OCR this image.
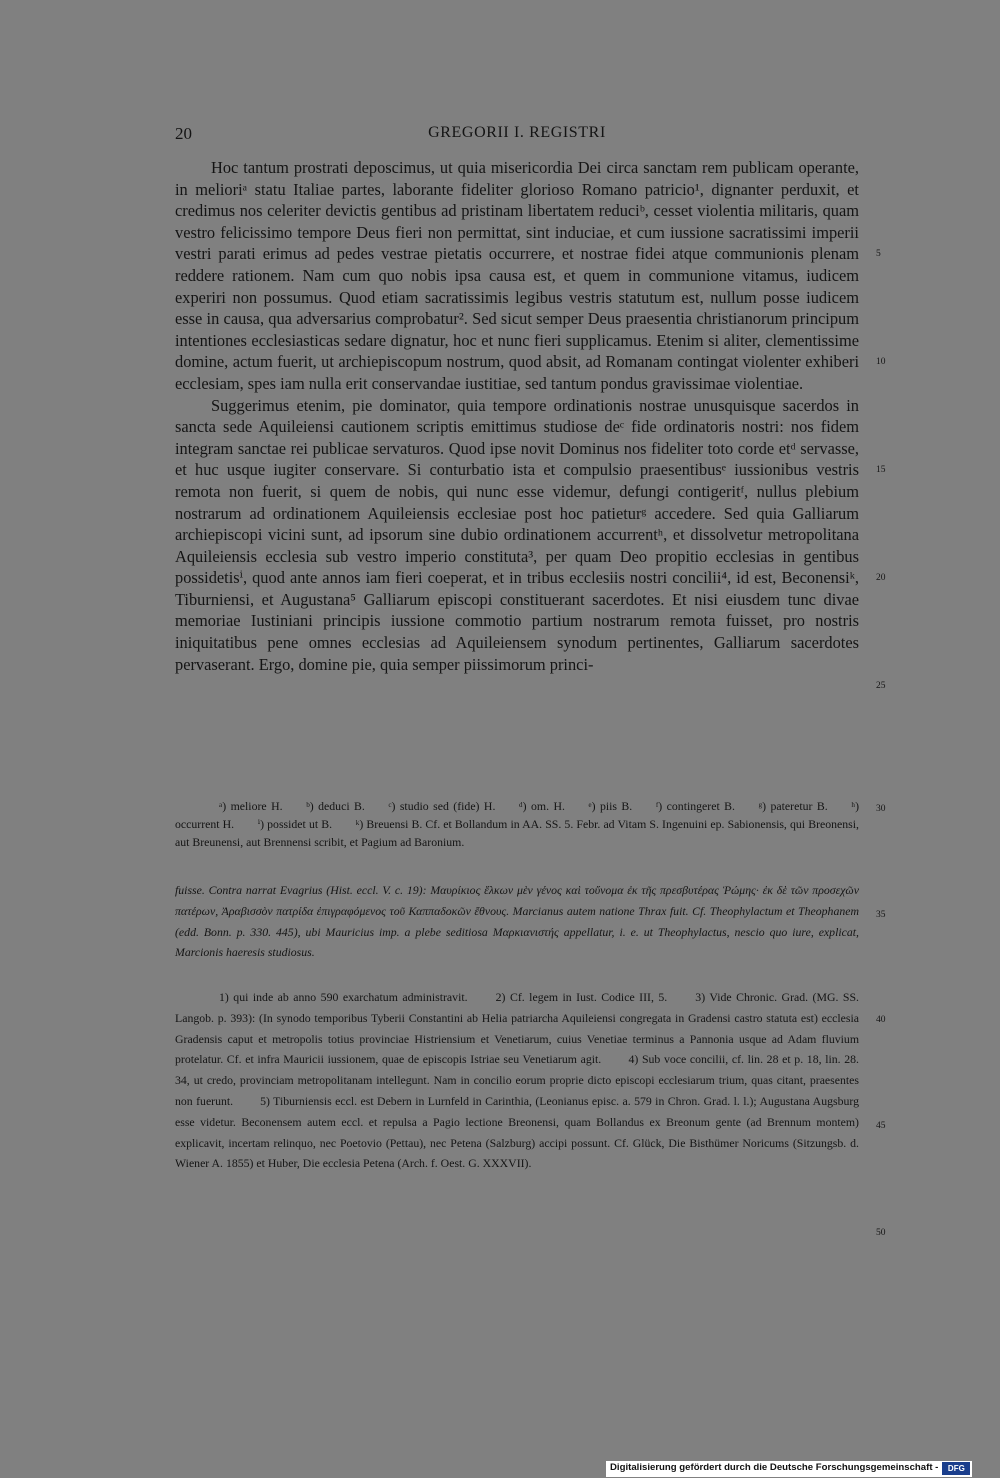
20	GREGORII I. REGISTRI

Hoc tantum prostrati deposcimus, ut quia misericordia Dei circa sanctam rem publicam operante, in melioriᵃ statu Italiae partes, laborante fideliter glorioso Romano patricio¹, dignanter perduxit, et credimus nos celeriter devictis gentibus ad pristinam libertatem reduciᵇ, cesset violentia militaris, quam vestro felicissimo tempore Deus fieri non permittat, sint induciae, et cum iussione sacratissimi imperii vestri parati erimus ad pedes vestrae pietatis occurrere, et nostrae fidei atque communionis plenam reddere rationem. Nam cum quo nobis ipsa causa est, et quem in communione vitamus, iudicem experiri non possumus. Quod etiam sacratissimis legibus vestris statutum est, nullum posse iudicem esse in causa, qua adversarius comprobatur². Sed sicut semper Deus praesentia christianorum principum intentiones ecclesiasticas sedare dignatur, hoc et nunc fieri supplicamus. Etenim si aliter, clementissime domine, actum fuerit, ut archiepiscopum nostrum, quod absit, ad Romanam contingat violenter exhiberi ecclesiam, spes iam nulla erit conservandae iustitiae, sed tantum pondus gravissimae violentiae.

Suggerimus etenim, pie dominator, quia tempore ordinationis nostrae unusquisque sacerdos in sancta sede Aquileiensi cautionem scriptis emittimus studiose deᶜ fide ordinatoris nostri: nos fidem integram sanctae rei publicae servaturos. Quod ipse novit Dominus nos fideliter toto corde etᵈ servasse, et huc usque iugiter conservare. Si conturbatio ista et compulsio praesentibusᵉ iussionibus vestris remota non fuerit, si quem de nobis, qui nunc esse videmur, defungi contigeritᶠ, nullus plebium nostrarum ad ordinationem Aquileiensis ecclesiae post hoc patieturᵍ accedere. Sed quia Galliarum archiepiscopi vicini sunt, ad ipsorum sine dubio ordinationem accurrentʰ, et dissolvetur metropolitana Aquileiensis ecclesia sub vestro imperio constituta³, per quam Deo propitio ecclesias in gentibus possidetisⁱ, quod ante annos iam fieri coeperat, et in tribus ecclesiis nostri concilii⁴, id est, Beconensiᵏ, Tiburniensi, et Augustana⁵ Galliarum episcopi constituerant sacerdotes. Et nisi eiusdem tunc divae memoriae Iustiniani principis iussione commotio partium nostrarum remota fuisset, pro nostris iniquitatibus pene omnes ecclesias ad Aquileiensem synodum pertinentes, Galliarum sacerdotes pervaserant. Ergo, domine pie, quia semper piissimorum princi-

5
10
15
20
25

ᵃ) meliore H.  ᵇ) deduci B.  ᶜ) studio sed (fide) H.  ᵈ) om. H.  ᵉ) piis B.  ᶠ) contingeret B.  ᵍ) pateretur B.  ʰ) occurrent H.  ⁱ) possidet ut B.  ᵏ) Breuensi B. Cf. et Bollandum in AA. SS. 5. Febr. ad Vitam S. Ingenuini ep. Sabionensis, qui Breonensi, aut Breunensi, aut Brennensi scribit, et Pagium ad Baronium.

fuisse. Contra narrat Evagrius (Hist. eccl. V. c. 19): Μαυρίκιος ἕλκων μὲν γένος καὶ τοὔνομα ἐκ τῆς πρεσβυτέρας Ῥώμης· ἐκ δὲ τῶν προσεχῶν πατέρων, Ἀραβισσὸν πατρίδα ἐπιγραφόμενος τοῦ Καππαδοκῶν ἔθνους. Marcianus autem natione Thrax fuit. Cf. Theophylactum et Theophanem (edd. Bonn. p. 330. 445), ubi Mauricius imp. a plebe seditiosa Μαρκιανιστής appellatur, i. e. ut Theophylactus, nescio quo iure, explicat, Marcionis haeresis studiosus.

1) qui inde ab anno 590 exarchatum administravit.   2) Cf. legem in Iust. Codice III, 5.   3) Vide Chronic. Grad. (MG. SS. Langob. p. 393): (In synodo temporibus Tyberii Constantini ab Helia patriarcha Aquileiensi congregata in Gradensi castro statuta est) ecclesia Gradensis caput et metropolis totius provinciae Histriensium et Venetiarum, cuius Venetiae terminus a Pannonia usque ad Adam fluvium protelatur. Cf. et infra Mauricii iussionem, quae de episcopis Istriae seu Venetiarum agit.   4) Sub voce concilii, cf. lin. 28 et p. 18, lin. 28. 34, ut credo, provinciam metropolitanam intellegunt. Nam in concilio eorum proprie dicto episcopi ecclesiarum trium, quas citant, praesentes non fuerunt.   5) Tiburniensis eccl. est Debern in Lurnfeld in Carinthia, (Leonianus episc. a. 579 in Chron. Grad. l. l.); Augustana Augsburg esse videtur. Beconensem autem eccl. et repulsa a Pagio lectione Breonensi, quam Bollandus ex Breonum gente (ad Brennum montem) explicavit, incertam relinquo, nec Poetovio (Pettau), nec Petena (Salzburg) accipi possunt. Cf. Glück, Die Bisthümer Noricums (Sitzungsb. d. Wiener A. 1855) et Huber, Die ecclesia Petena (Arch. f. Oest. G. XXXVII).

30
35
40
45
50
Digitalisierung gefördert durch die Deutsche Forschungsgemeinschaft -	DFG
